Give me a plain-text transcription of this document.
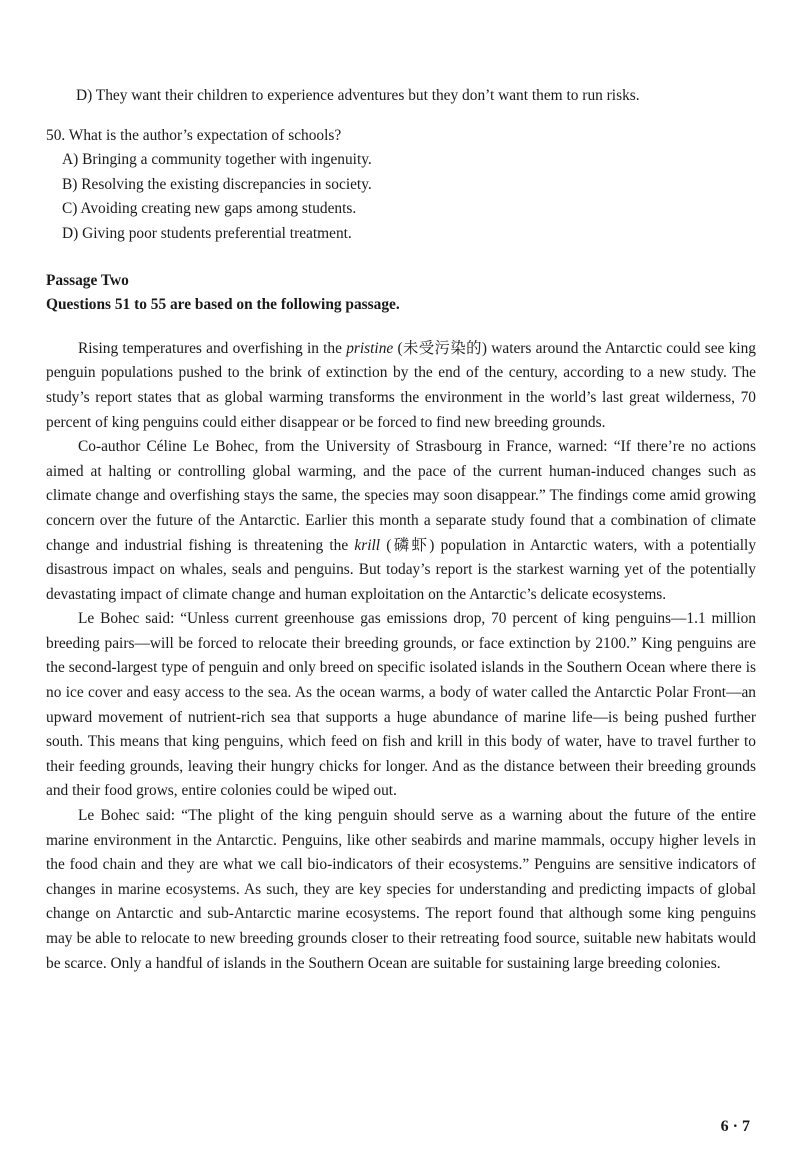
D) They want their children to experience adventures but they don’t want them to run risks.
50. What is the author’s expectation of schools?
A) Bringing a community together with ingenuity.
B) Resolving the existing discrepancies in society.
C) Avoiding creating new gaps among students.
D) Giving poor students preferential treatment.
Passage Two
Questions 51 to 55 are based on the following passage.

Rising temperatures and overfishing in the pristine (未受污染的) waters around the Antarctic could see king penguin populations pushed to the brink of extinction by the end of the century, according to a new study. The study’s report states that as global warming transforms the environment in the world’s last great wilderness, 70 percent of king penguins could either disappear or be forced to find new breeding grounds.

Co-author Céline Le Bohec, from the University of Strasbourg in France, warned: “If there’re no actions aimed at halting or controlling global warming, and the pace of the current human-induced changes such as climate change and overfishing stays the same, the species may soon disappear.” The findings come amid growing concern over the future of the Antarctic. Earlier this month a separate study found that a combination of climate change and industrial fishing is threatening the krill (磷虾) population in Antarctic waters, with a potentially disastrous impact on whales, seals and penguins. But today’s report is the starkest warning yet of the potentially devastating impact of climate change and human exploitation on the Antarctic’s delicate ecosystems.

Le Bohec said: “Unless current greenhouse gas emissions drop, 70 percent of king penguins—1.1 million breeding pairs—will be forced to relocate their breeding grounds, or face extinction by 2100.” King penguins are the second-largest type of penguin and only breed on specific isolated islands in the Southern Ocean where there is no ice cover and easy access to the sea. As the ocean warms, a body of water called the Antarctic Polar Front—an upward movement of nutrient-rich sea that supports a huge abundance of marine life—is being pushed further south. This means that king penguins, which feed on fish and krill in this body of water, have to travel further to their feeding grounds, leaving their hungry chicks for longer. And as the distance between their breeding grounds and their food grows, entire colonies could be wiped out.

Le Bohec said: “The plight of the king penguin should serve as a warning about the future of the entire marine environment in the Antarctic. Penguins, like other seabirds and marine mammals, occupy higher levels in the food chain and they are what we call bio-indicators of their ecosystems.” Penguins are sensitive indicators of changes in marine ecosystems. As such, they are key species for understanding and predicting impacts of global change on Antarctic and sub-Antarctic marine ecosystems. The report found that although some king penguins may be able to relocate to new breeding grounds closer to their retreating food source, suitable new habitats would be scarce. Only a handful of islands in the Southern Ocean are suitable for sustaining large breeding colonies.

6 · 7
